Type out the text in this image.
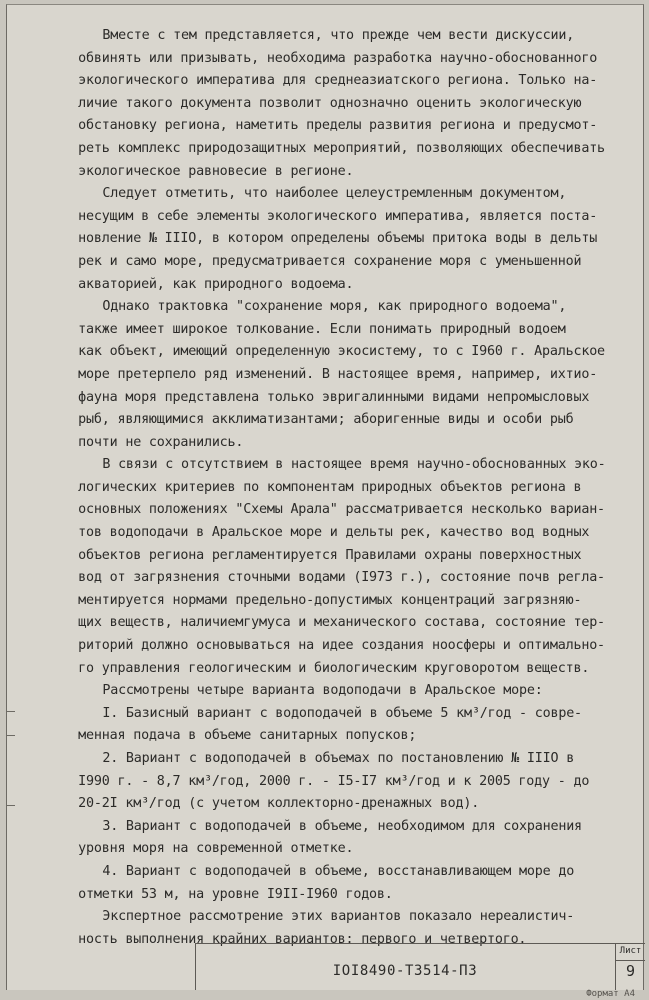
Вместе с тем представляется, что прежде чем вести дискуссии,
обвинять или призывать, необходима разработка научно-обоснованного
экологического императива для среднеазиатского региона. Только на-
личие такого документа позволит однозначно оценить экологическую
обстановку региона, наметить пределы развития региона и предусмот-
реть комплекс природозащитных мероприятий, позволяющих обеспечивать
экологическое равновесие в регионе.

Следует отметить, что наиболее целеустремленным документом,
несущим в себе элементы экологического императива, является поста-
новление № IIIO, в котором определены объемы притока воды в дельты
рек и само море, предусматривается сохранение моря с уменьшенной
акваторией, как природного водоема.

Однако трактовка "сохранение моря, как природного водоема",
также имеет широкое толкование. Если понимать природный водоем
как объект, имеющий определенную экосистему, то с I960 г. Аральское
море претерпело ряд изменений. В настоящее время, например, ихтио-
фауна моря представлена только эвригалинными видами непромысловых
рыб, являющимися акклиматизантами; аборигенные виды и особи рыб
почти не сохранились.

В связи с отсутствием в настоящее время научно-обоснованных эко-
логических критериев по компонентам природных объектов региона в
основных положениях "Схемы Арала" рассматривается несколько вариан-
тов водоподачи в Аральское море и дельты рек, качество вод водных
объектов региона регламентируется Правилами охраны поверхностных
вод от загрязнения сточными водами (I973 г.), состояние почв регла-
ментируется нормами предельно-допустимых концентраций загрязняю-
щих веществ, наличиемгумуса и механического состава, состояние тер-
риторий должно основываться на идее создания ноосферы и оптимально-
го управления геологическим и биологическим круговоротом веществ.

Рассмотрены четыре варианта водоподачи в Аральское море:

I. Базисный вариант с водоподачей в объеме 5 км³/год - совре-
менная подача в объеме санитарных попусков;

2. Вариант с водоподачей в объемах по постановлению № IIIO в
I990 г. - 8,7 км³/год, 2000 г. - I5-I7 км³/год и к 2005 году - до
20-2I км³/год (с учетом коллекторно-дренажных вод).

3. Вариант с водоподачей в объеме, необходимом для сохранения
уровня моря на современной отметке.

4. Вариант с водоподачей в объеме, восстанавливающем море до
отметки 53 м, на уровне I9II-I960 годов.

Экспертное рассмотрение этих вариантов показало нереалистич-
ность выполнения крайних вариантов: первого и четвертого.

IOI8490-Т3514-ПЗ
Лист
9
Формат А4
